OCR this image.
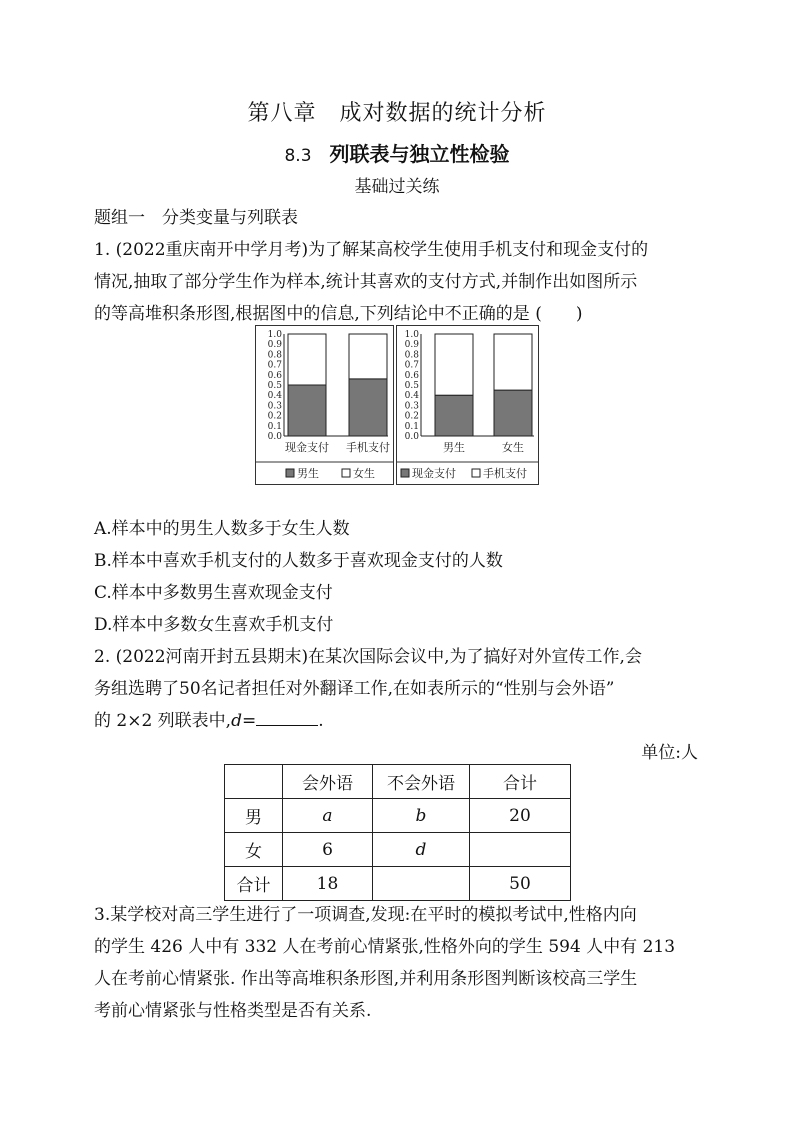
第八章　成对数据的统计分析
8.3 列联表与独立性检验
基础过关练
题组一　分类变量与列联表
1. (2022重庆南开中学月考)为了解某高校学生使用手机支付和现金支付的
情况,抽取了部分学生作为样本,统计其喜欢的支付方式,并制作出如图所示
的等高堆积条形图,根据图中的信息,下列结论中不正确的是 ( )
1.0
0.9
0.8
0.7
0.6
0.5
0.4
0.3
0.2
0.1
0.0
现金支付 手机支付
男生	女生
1.0
0.9
0.8
0.7
0.6
0.5
0.4
0.3
0.2
0.1
0.0
男生	女生
现金支付 手机支付
A.样本中的男生人数多于女生人数
B.样本中喜欢手机支付的人数多于喜欢现金支付的人数
C.样本中多数男生喜欢现金支付
D.样本中多数女生喜欢手机支付
2. (2022河南开封五县期末)在某次国际会议中,为了搞好对外宣传工作,会
务组选聘了50名记者担任对外翻译工作,在如表所示的“性别与会外语”
的 2×2 列联表中,d=	.
单位:人
	会外语	不会外语	合计
男	a	b	20
女	6	d	
合计	18		50
3.某学校对高三学生进行了一项调查,发现:在平时的模拟考试中,性格内向
的学生 426 人中有 332 人在考前心情紧张,性格外向的学生 594 人中有 213
人在考前心情紧张. 作出等高堆积条形图,并利用条形图判断该校高三学生
考前心情紧张与性格类型是否有关系.
